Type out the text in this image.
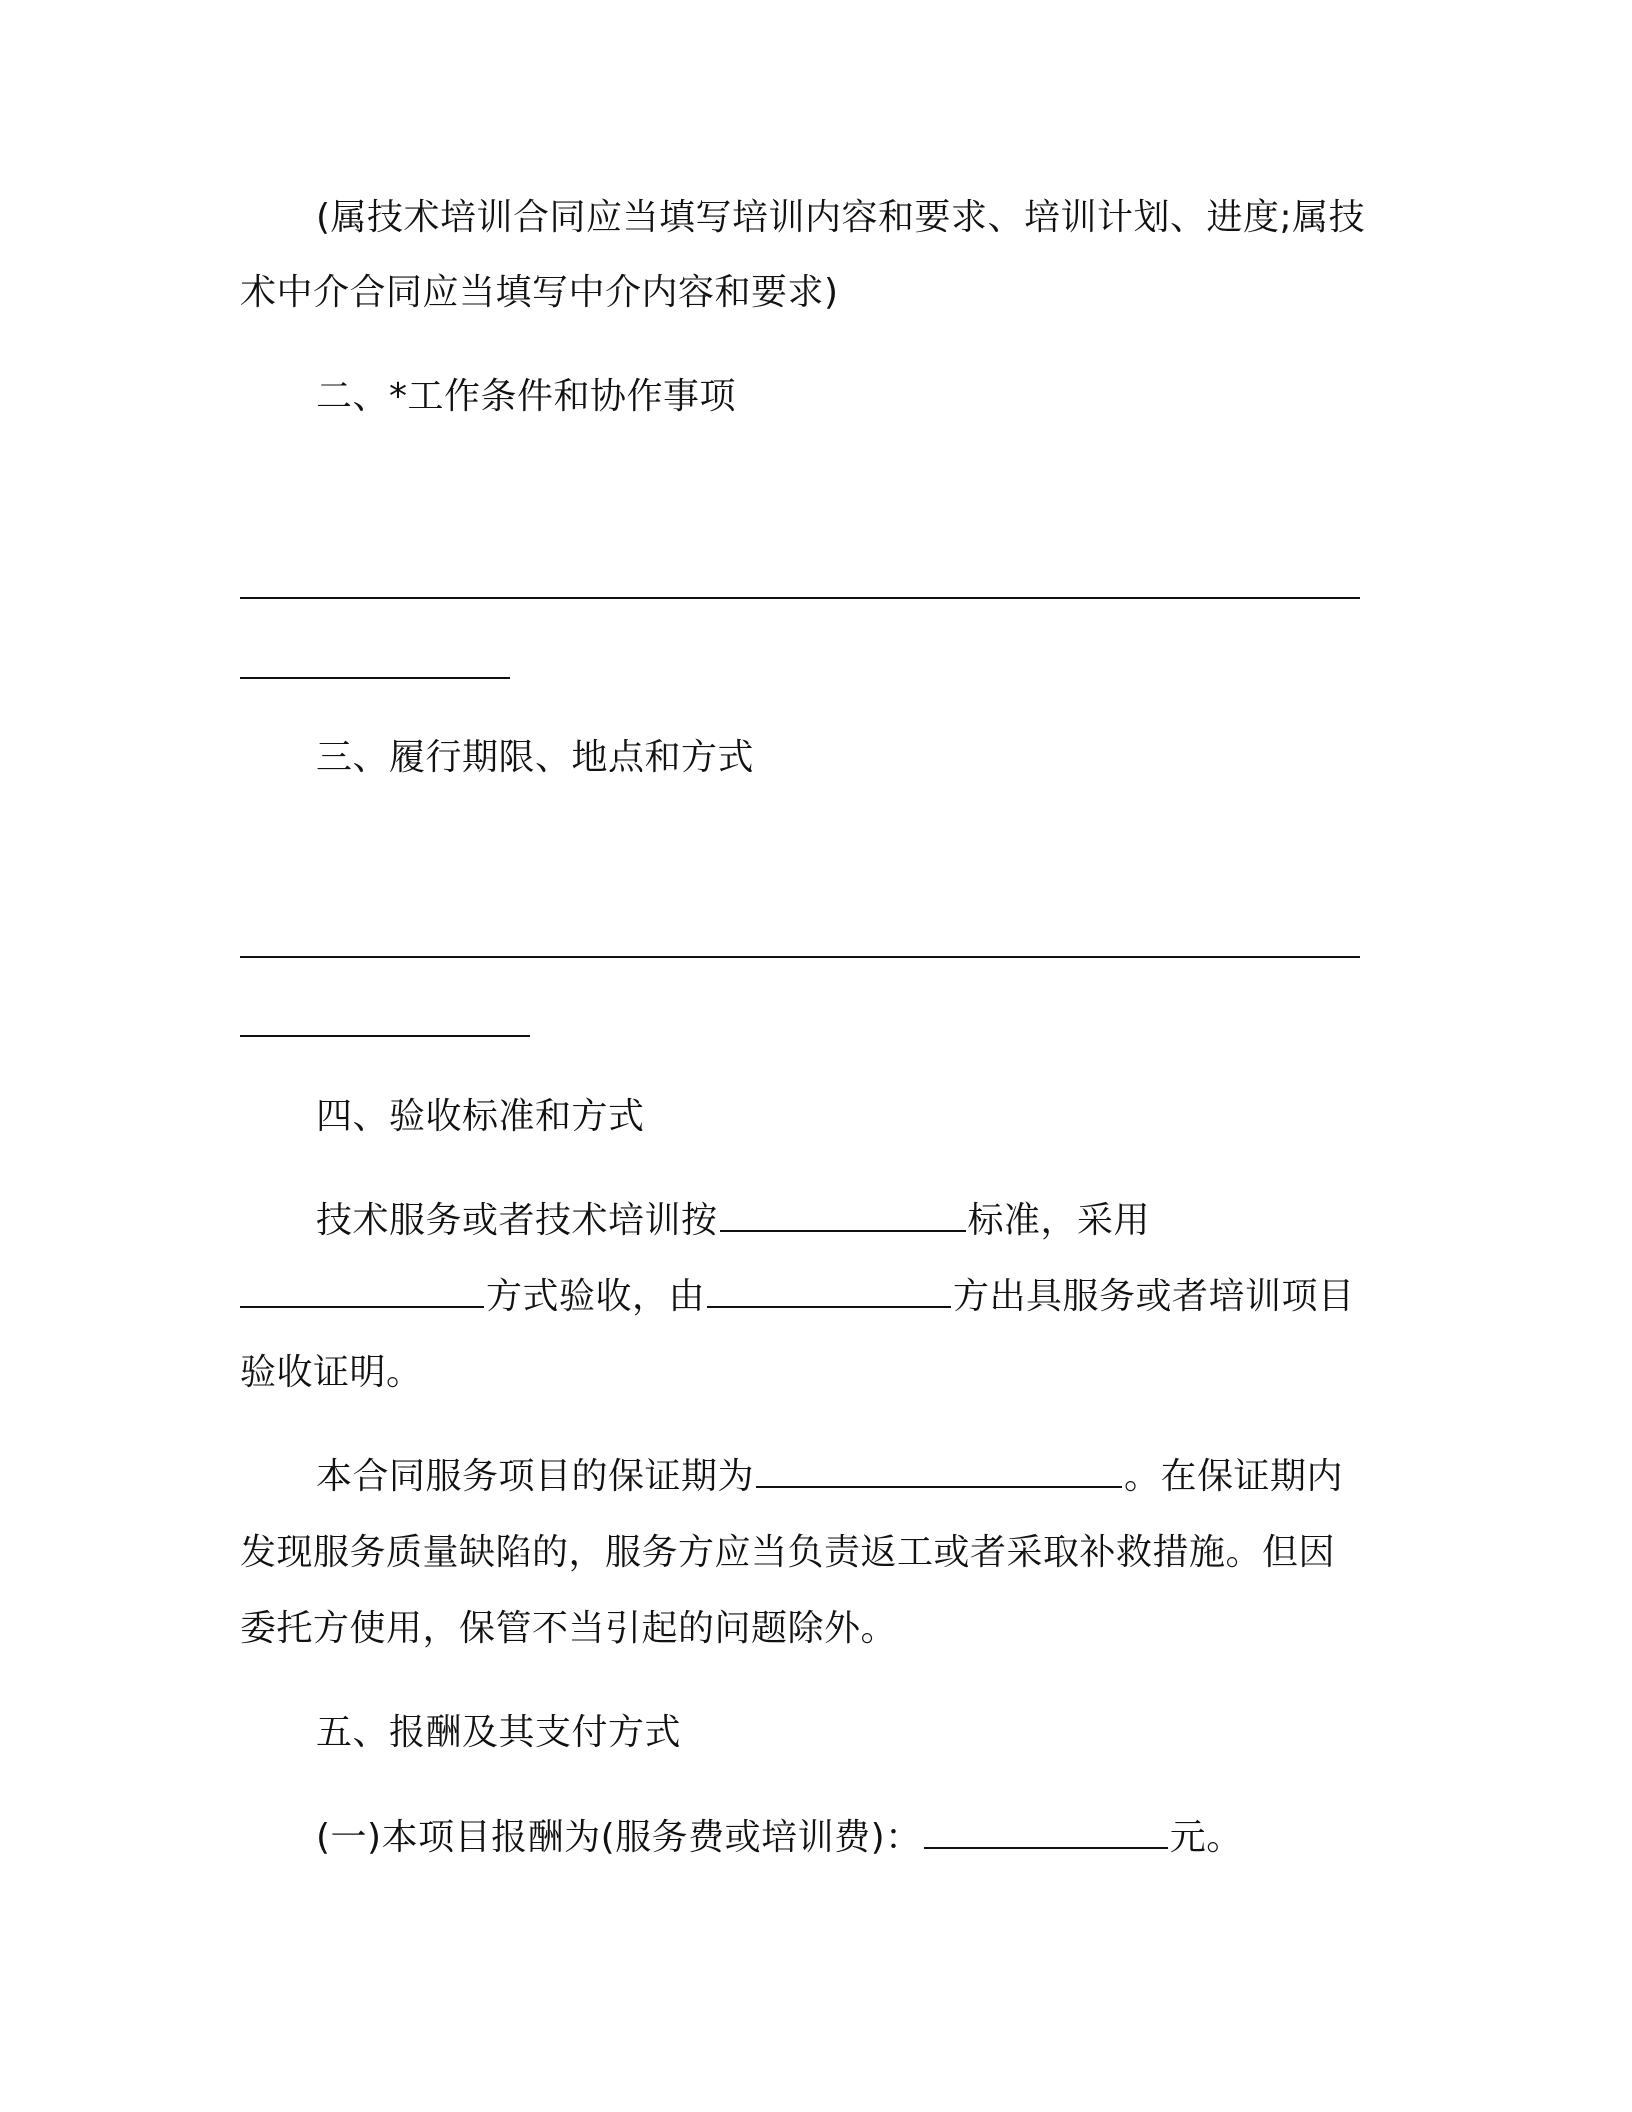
(属技术培训合同应当填写培训内容和要求、培训计划、进度;属技
术中介合同应当填写中介内容和要求)
二、*工作条件和协作事项
三、履行期限、地点和方式
四、验收标准和方式
技术服务或者技术培训按	标准，采用
方式验收，由	方出具服务或者培训项目
验收证明。
本合同服务项目的保证期为	。在保证期内
发现服务质量缺陷的，服务方应当负责返工或者采取补救措施。但因
委托方使用，保管不当引起的问题除外。
五、报酬及其支付方式
(一)本项目报酬为(服务费或培训费)：	元。
